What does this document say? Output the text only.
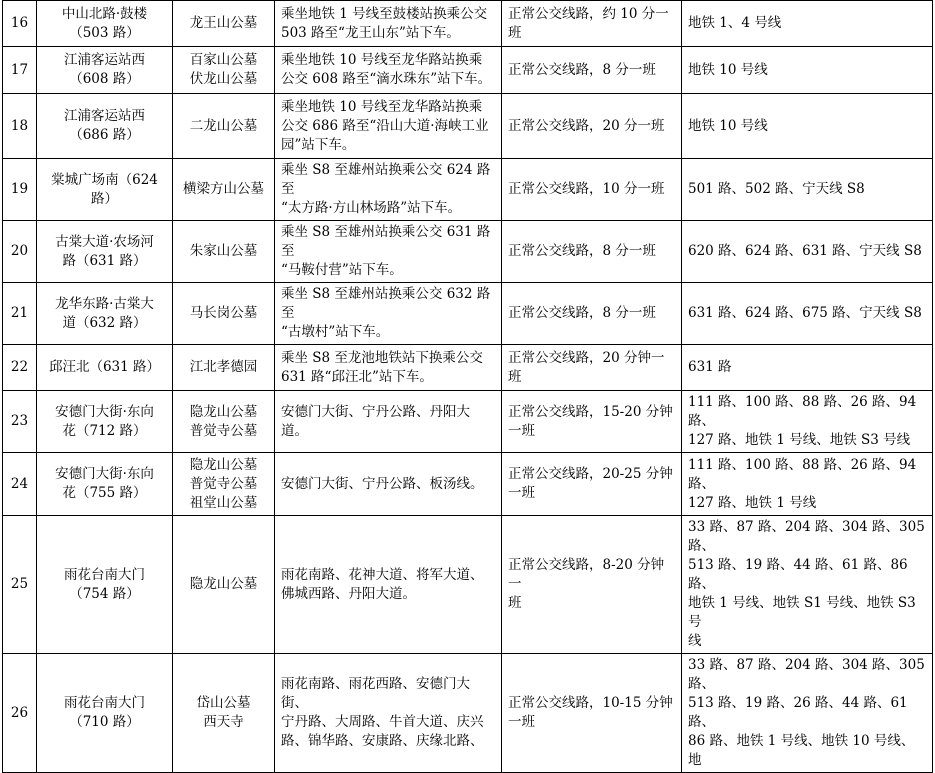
16	中山北路·鼓楼
（503 路）	龙王山公墓	乘坐地铁 1 号线至鼓楼站换乘公交
503 路至“龙王山东”站下车。	正常公交线路，约 10 分一
班	地铁 1、4 号线

17	江浦客运站西
（608 路）	百家山公墓
伏龙山公墓	乘坐地铁 10 号线至龙华路站换乘
公交 608 路至“滴水珠东”站下车。	正常公交线路，8 分一班	地铁 10 号线

18	江浦客运站西
（686 路）	二龙山公墓	乘坐地铁 10 号线至龙华路站换乘
公交 686 路至“沿山大道·海峡工业
园”站下车。	正常公交线路，20 分一班	地铁 10 号线

19	棠城广场南（624
路）	横梁方山公墓	乘坐 S8 至雄州站换乘公交 624 路至
“太方路·方山林场路”站下车。	正常公交线路，10 分一班	501 路、502 路、宁天线 S8

20	古棠大道·农场河
路（631 路）	朱家山公墓	乘坐 S8 至雄州站换乘公交 631 路至
“马鞍付营”站下车。	正常公交线路，8 分一班	620 路、624 路、631 路、宁天线 S8

21	龙华东路·古棠大
道（632 路）	马长岗公墓	乘坐 S8 至雄州站换乘公交 632 路至
“古墩村”站下车。	正常公交线路，8 分一班	631 路、624 路、675 路、宁天线 S8

22	邱汪北（631 路）	江北孝德园	乘坐 S8 至龙池地铁站下换乘公交
631 路“邱汪北”站下车。	正常公交线路，20 分钟一班	631 路

23	安德门大街·东向
花（712 路）	隐龙山公墓
普觉寺公墓	安德门大街、宁丹公路、丹阳大道。	正常公交线路，15-20 分钟
一班	111 路、100 路、88 路、26 路、94 路、
127 路、地铁 1 号线、地铁 S3 号线

24	安德门大街·东向
花（755 路）	隐龙山公墓
普觉寺公墓
祖堂山公墓	安德门大街、宁丹公路、板汤线。	正常公交线路，20-25 分钟
一班	111 路、100 路、88 路、26 路、94 路、
127 路、地铁 1 号线

25	雨花台南大门
（754 路）	隐龙山公墓	雨花南路、花神大道、将军大道、
佛城西路、丹阳大道。	正常公交线路，8-20 分钟一
班	33 路、87 路、204 路、304 路、305 路、
513 路、19 路、44 路、61 路、86 路、
地铁 1 号线、地铁 S1 号线、地铁 S3 号
线

26	雨花台南大门
（710 路）	岱山公墓
西天寺	雨花南路、雨花西路、安德门大街、
宁丹路、大周路、牛首大道、庆兴
路、锦华路、安康路、庆缘北路、	正常公交线路，10-15 分钟
一班	33 路、87 路、204 路、304 路、305 路、
513 路、19 路、26 路、44 路、61 路、
86 路、地铁 1 号线、地铁 10 号线、地
